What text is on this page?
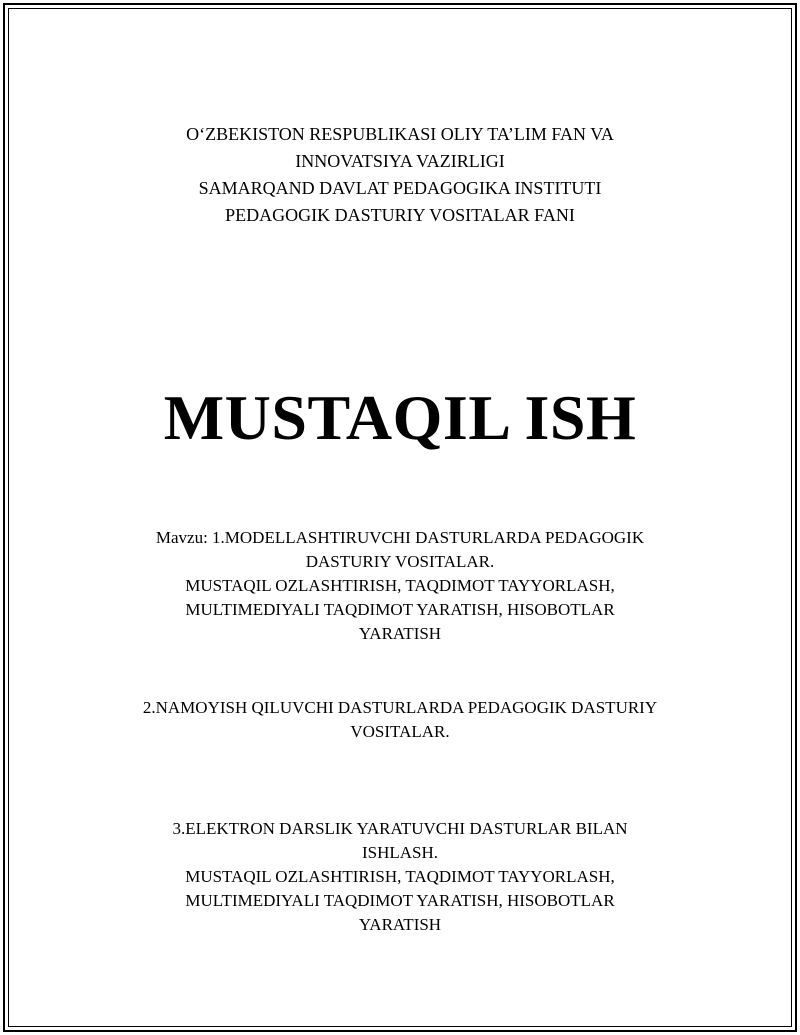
O‘ZBEKISTON RESPUBLIKASI OLIY TA’LIM FAN VA
INNOVATSIYA VAZIRLIGI
SAMARQAND DAVLAT PEDAGOGIKA INSTITUTI
PEDAGOGIK DASTURIY VOSITALAR FANI
MUSTAQIL ISH
Mavzu: 1.MODELLASHTIRUVCHI DASTURLARDA PEDAGOGIK
DASTURIY VOSITALAR.
MUSTAQIL OZLASHTIRISH, TAQDIMOT TAYYORLASH,
MULTIMEDIYALI TAQDIMOT YARATISH, HISOBOTLAR
YARATISH
2.NAMOYISH QILUVCHI DASTURLARDA PEDAGOGIK DASTURIY
VOSITALAR.
3.ELEKTRON DARSLIK YARATUVCHI DASTURLAR BILAN
ISHLASH.
MUSTAQIL OZLASHTIRISH, TAQDIMOT TAYYORLASH,
MULTIMEDIYALI TAQDIMOT YARATISH, HISOBOTLAR
YARATISH
